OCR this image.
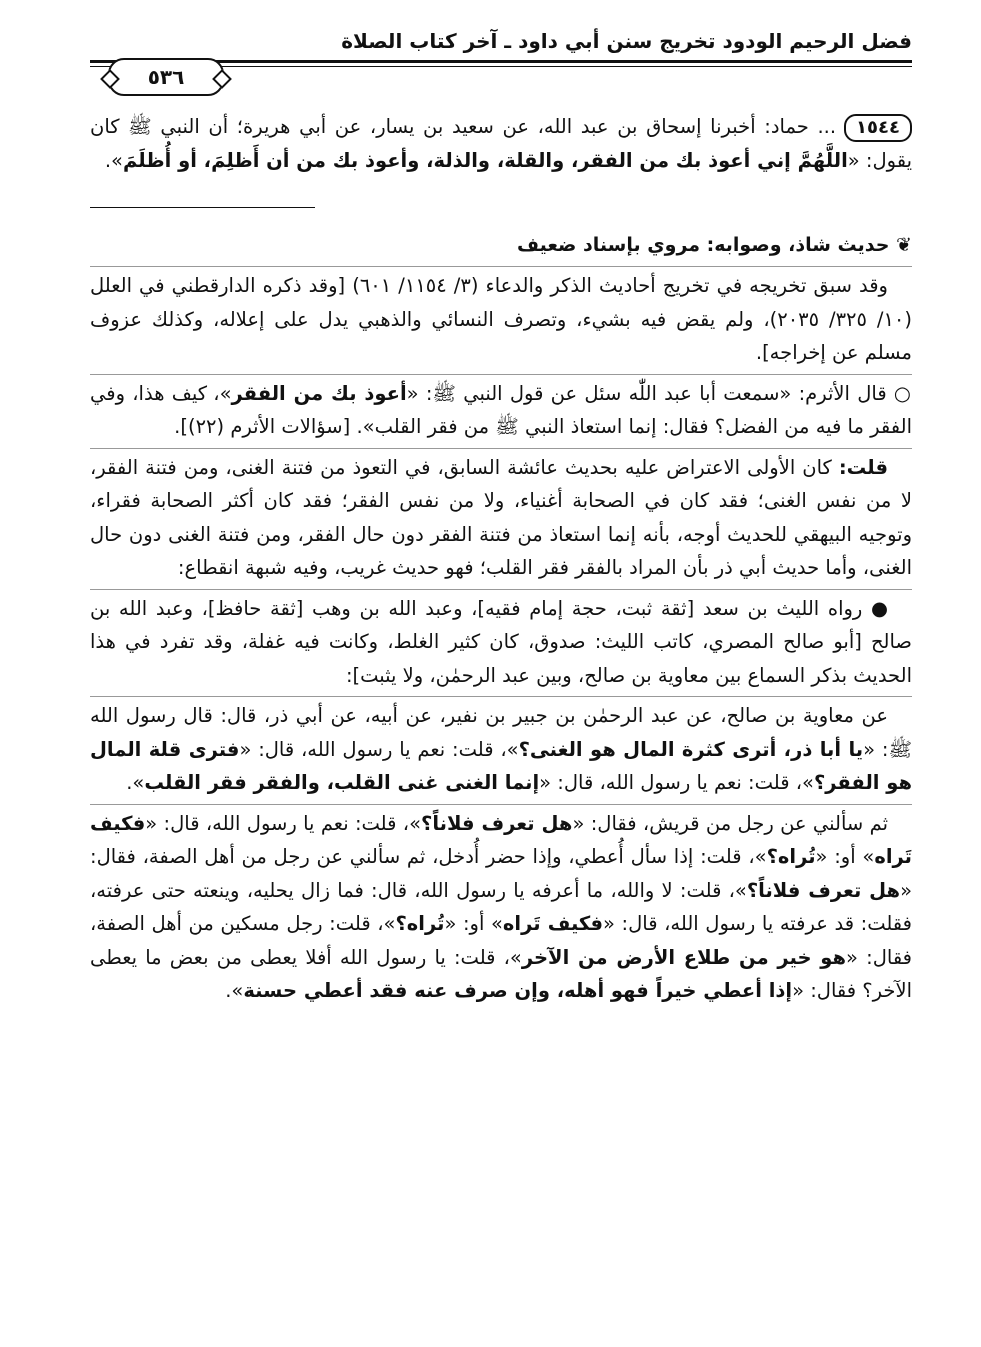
فضل الرحيم الودود تخريج سنن أبي داود ـ آخر كتاب الصلاة
٥٣٦

١٥٤٤... حماد: أخبرنا إسحاق بن عبد الله، عن سعيد بن يسار، عن أبي هريرة؛ أن النبي ﷺ كان يقول: «اللَّهُمَّ إني أعوذ بك من الفقر، والقلة، والذلة، وأعوذ بك من أن أَظلِمَ، أو أُظلَمَ».

❦ حديث شاذ، وصوابه: مروي بإسناد ضعيف

وقد سبق تخريجه في تخريج أحاديث الذكر والدعاء (٣/ ١١٥٤/ ٦٠١) [وقد ذكره الدارقطني في العلل (١٠/ ٣٢٥/ ٢٠٣٥)، ولم يقض فيه بشيء، وتصرف النسائي والذهبي يدل على إعلاله، وكذلك عزوف مسلم عن إخراجه].

○ قال الأثرم: «سمعت أبا عبد اللّٰه سئل عن قول النبي ﷺ: «أعوذ بك من الفقر»، كيف هذا، وفي الفقر ما فيه من الفضل؟ فقال: إنما استعاذ النبي ﷺ من فقر القلب». [سؤالات الأثرم (٢٢)].

قلت: كان الأولى الاعتراض عليه بحديث عائشة السابق، في التعوذ من فتنة الغنى، ومن فتنة الفقر، لا من نفس الغنى؛ فقد كان في الصحابة أغنياء، ولا من نفس الفقر؛ فقد كان أكثر الصحابة فقراء، وتوجيه البيهقي للحديث أوجه، بأنه إنما استعاذ من فتنة الفقر دون حال الفقر، ومن فتنة الغنى دون حال الغنى، وأما حديث أبي ذر بأن المراد بالفقر فقر القلب؛ فهو حديث غريب، وفيه شبهة انقطاع:

● رواه الليث بن سعد [ثقة ثبت، حجة إمام فقيه]، وعبد الله بن وهب [ثقة حافظ]، وعبد الله بن صالح [أبو صالح المصري، كاتب الليث: صدوق، كان كثير الغلط، وكانت فيه غفلة، وقد تفرد في هذا الحديث بذكر السماع بين معاوية بن صالح، وبين عبد الرحمٰن، ولا يثبت]:

عن معاوية بن صالح، عن عبد الرحمٰن بن جبير بن نفير، عن أبيه، عن أبي ذر، قال: قال رسول الله ﷺ: «يا أبا ذر، أترى كثرة المال هو الغنى؟»، قلت: نعم يا رسول الله، قال: «فترى قلة المال هو الفقر؟»، قلت: نعم يا رسول الله، قال: «إنما الغنى غنى القلب، والفقر فقر القلب».

ثم سألني عن رجل من قريش، فقال: «هل تعرف فلاناً؟»، قلت: نعم يا رسول الله، قال: «فكيف تَراه» أو: «تُراه؟»، قلت: إذا سأل أُعطي، وإذا حضر أُدخل، ثم سألني عن رجل من أهل الصفة، فقال: «هل تعرف فلاناً؟»، قلت: لا والله، ما أعرفه يا رسول الله، قال: فما زال يحليه، وينعته حتى عرفته، فقلت: قد عرفته يا رسول الله، قال: «فكيف تَراه» أو: «تُراه؟»، قلت: رجل مسكين من أهل الصفة، فقال: «هو خير من طلاع الأرض من الآخر»، قلت: يا رسول الله أفلا يعطى من بعض ما يعطى الآخر؟ فقال: «إذا أعطي خيراً فهو أهله، وإن صرف عنه فقد أعطي حسنة».
